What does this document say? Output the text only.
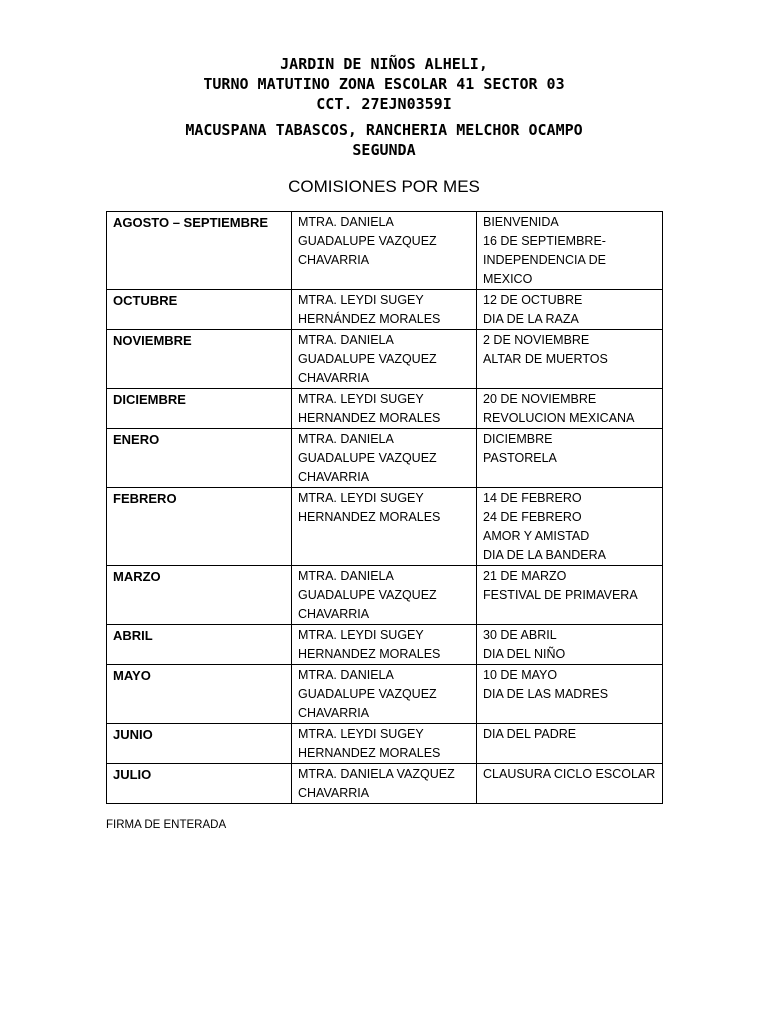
JARDIN DE NIÑOS ALHELI,
TURNO MATUTINO ZONA ESCOLAR 41 SECTOR 03
CCT. 27EJN0359I
MACUSPANA TABASCOS, RANCHERIA MELCHOR OCAMPO
SEGUNDA
COMISIONES POR MES
AGOSTO – SEPTIEMBRE	MTRA. DANIELA
GUADALUPE VAZQUEZ
CHAVARRIA	BIENVENIDA
16 DE SEPTIEMBRE-
INDEPENDENCIA DE
MEXICO

OCTUBRE	MTRA. LEYDI SUGEY
HERNÁNDEZ MORALES	12 DE OCTUBRE
DIA DE LA RAZA

NOVIEMBRE	MTRA. DANIELA
GUADALUPE VAZQUEZ
CHAVARRIA	2 DE NOVIEMBRE
ALTAR DE MUERTOS

DICIEMBRE	MTRA. LEYDI SUGEY
HERNANDEZ MORALES	20 DE NOVIEMBRE
REVOLUCION MEXICANA

ENERO	MTRA. DANIELA
GUADALUPE VAZQUEZ
CHAVARRIA	DICIEMBRE
PASTORELA

FEBRERO	MTRA. LEYDI SUGEY
HERNANDEZ MORALES	14 DE FEBRERO
24 DE FEBRERO
AMOR Y AMISTAD
DIA DE LA BANDERA

MARZO	MTRA. DANIELA
GUADALUPE VAZQUEZ
CHAVARRIA	21 DE MARZO
FESTIVAL DE PRIMAVERA

ABRIL	MTRA. LEYDI SUGEY
HERNANDEZ MORALES	30 DE ABRIL
DIA DEL NIÑO

MAYO	MTRA. DANIELA
GUADALUPE VAZQUEZ
CHAVARRIA	10 DE MAYO
DIA DE LAS MADRES

JUNIO	MTRA. LEYDI SUGEY
HERNANDEZ MORALES	DIA DEL PADRE

JULIO	MTRA. DANIELA VAZQUEZ
CHAVARRIA	CLAUSURA CICLO ESCOLAR
FIRMA DE ENTERADA
